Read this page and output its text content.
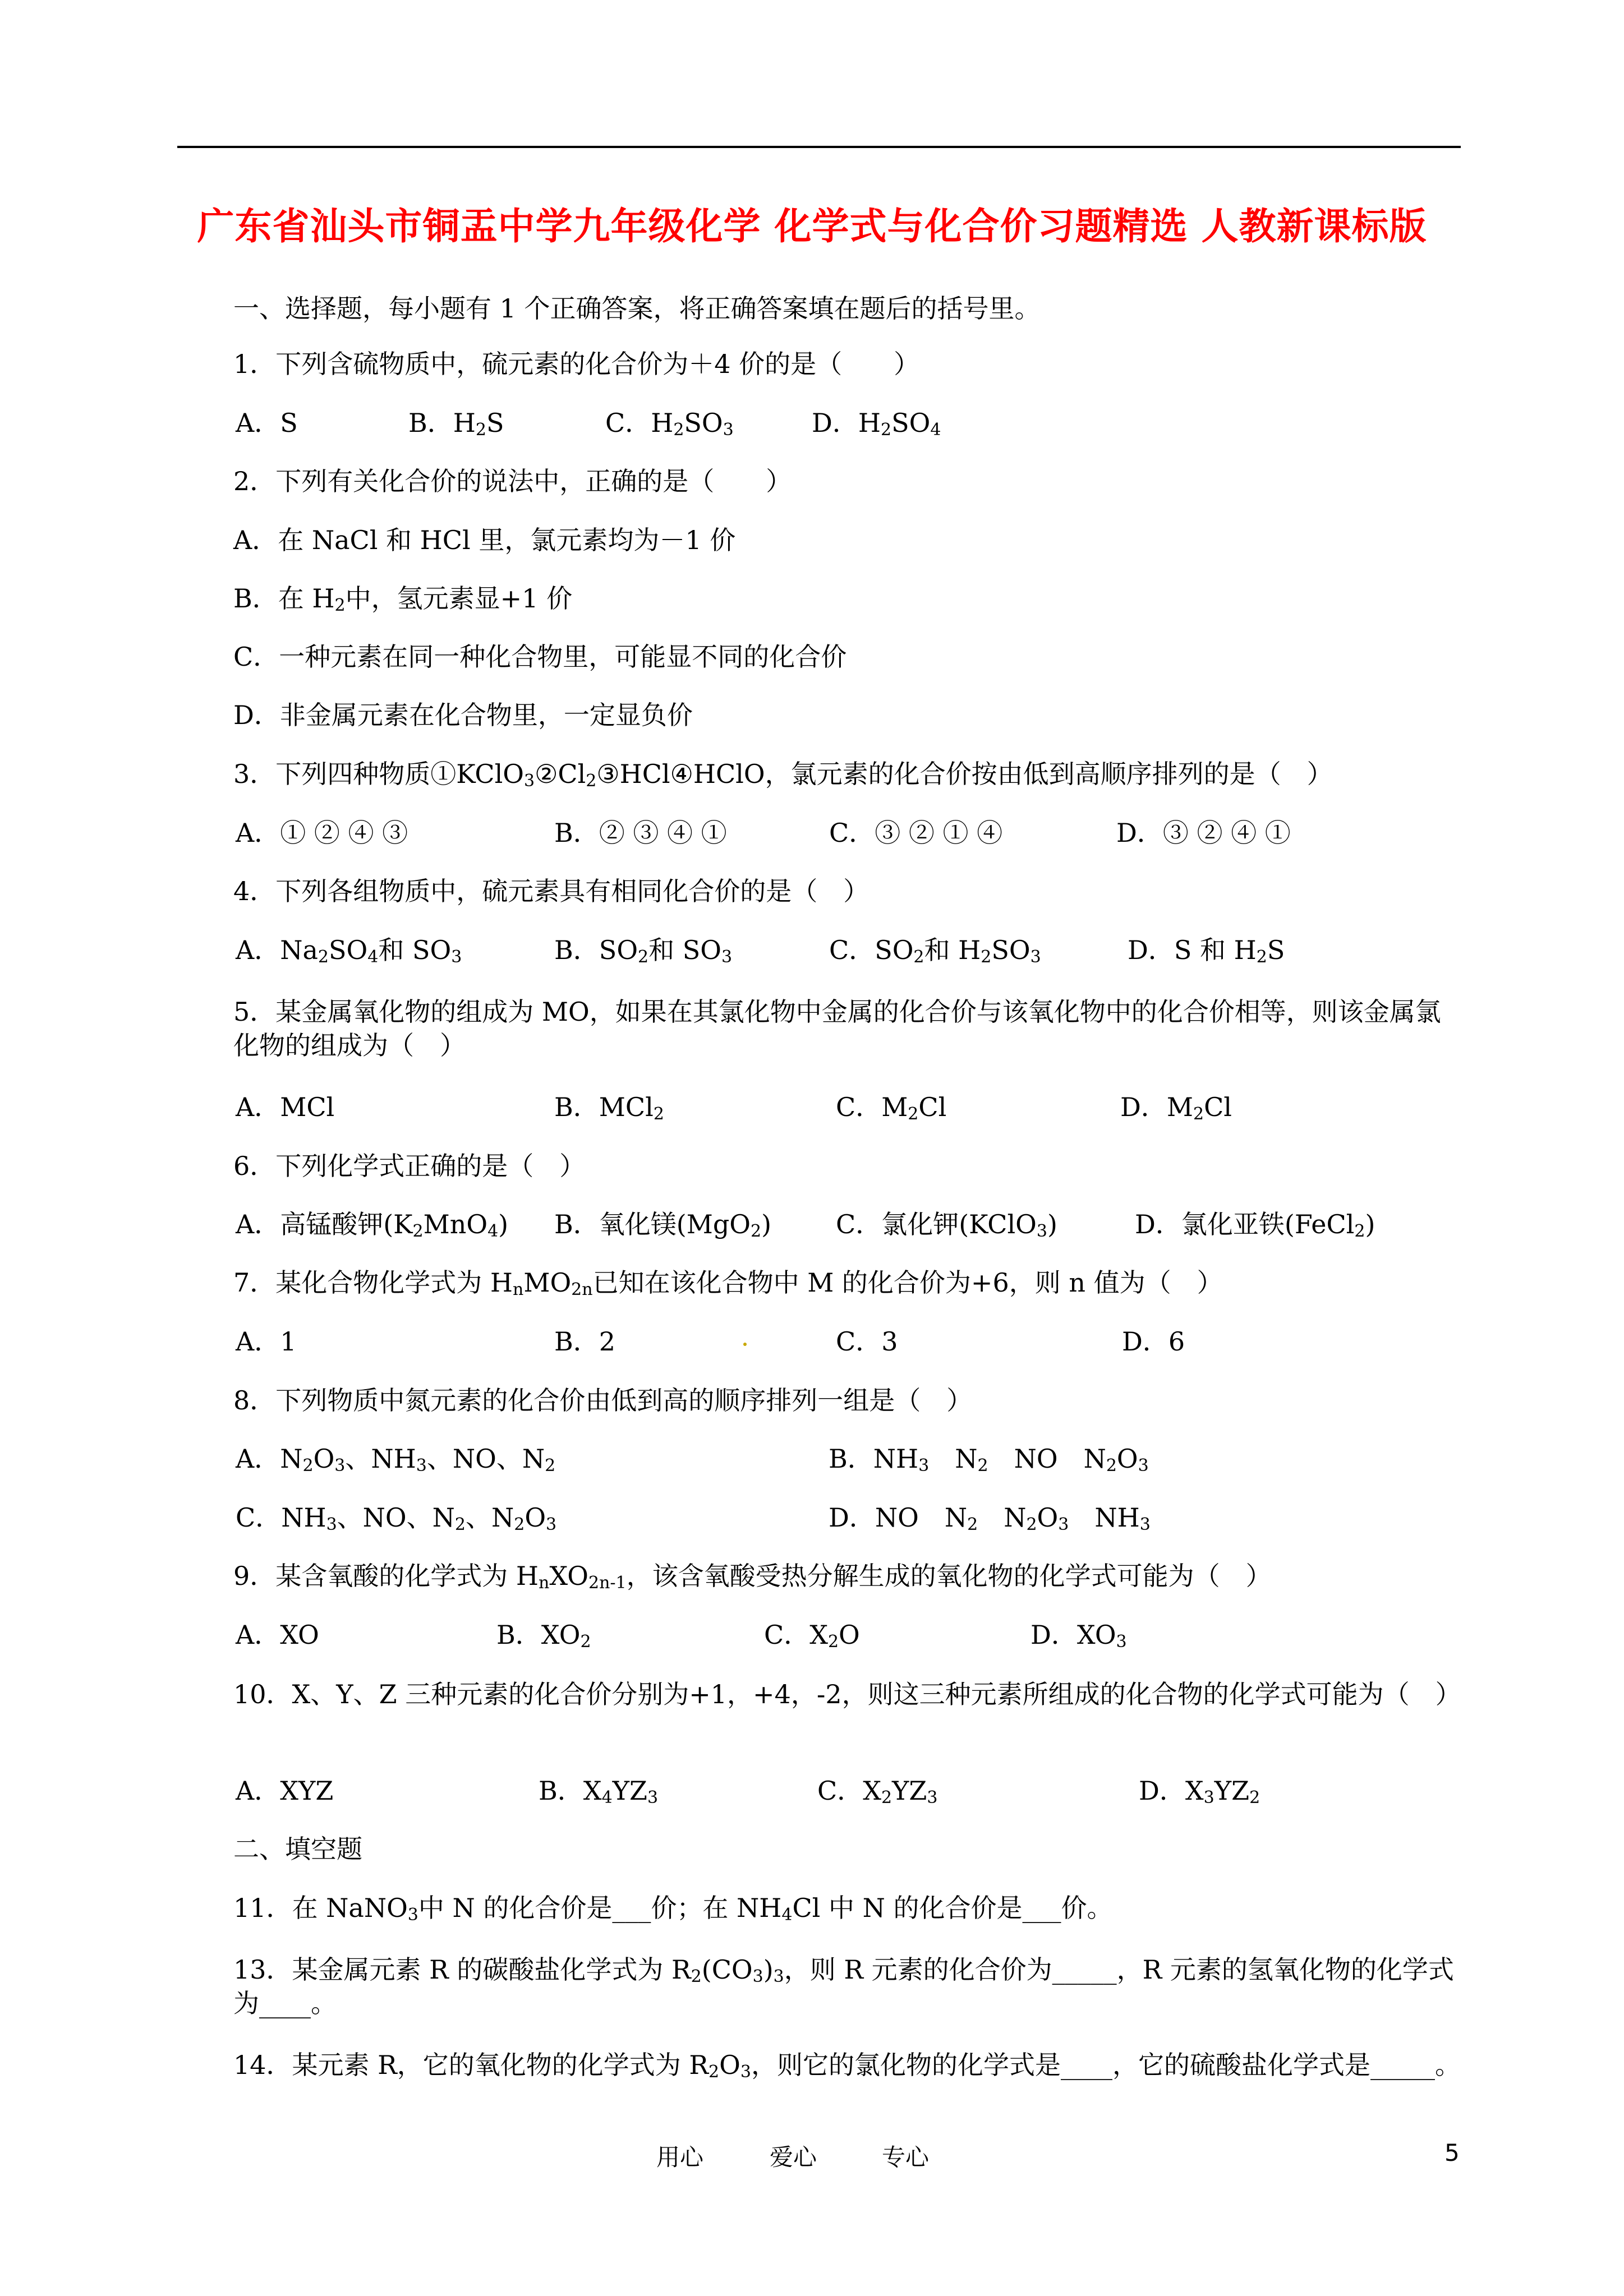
广东省汕头市铜盂中学九年级化学 化学式与化合价习题精选 人教新课标版
一、选择题，每小题有 1 个正确答案，将正确答案填在题后的括号里。
1．下列含硫物质中，硫元素的化合价为＋4 价的是（　　）
A．S	B．$H_2S$	C．$H_2SO_3$	D．$H_2SO_4$
2．下列有关化合价的说法中，正确的是（　　）
A．在 NaCl 和 HCl 里，氯元素均为－1 价
B．在 $H_2$中，氢元素显+1 价
C．一种元素在同一种化合物里，可能显不同的化合价
D．非金属元素在化合物里，一定显负价
3．下列四种物质$①KClO_3②Cl_2③HCl④HClO$，氯元素的化合价按由低到高顺序排列的是（　）
A．① ② ④ ③	B．② ③ ④ ①	C．③ ② ① ④	D．③ ② ④ ①
4．下列各组物质中，硫元素具有相同化合价的是（　）
A．$Na_2SO_4$和 $SO_3$	B．$SO_2$和 $SO_3$	C．$SO_2$和 $H_2SO_3$	D．S 和 $H_2S$
5．某金属氧化物的组成为 MO，如果在其氯化物中金属的化合价与该氧化物中的化合价相等，则该金属氯化物的组成为（　）
A．MCl	B．MCl$_2$	C．$M_2Cl$	D．$M_2Cl$
6．下列化学式正确的是（　）
A．高锰酸钾$(K_2MnO_4)$ B．氧化镁(MgO$_2$) C．氯化钾(KClO$_3$)	D．氯化亚铁(FeCl$_2$)
7．某化合物化学式为 $H_nMO_{2n}$已知在该化合物中 M 的化合价为+6，则 n 值为（　）
A．1	B．2	C．3	D．6
8．下列物质中氮元素的化合价由低到高的顺序排列一组是（　）
A．$N_2O_3$、$NH_3$、NO、$N_2$	B．$NH_3$　$N_2$　NO　$N_2O_3$
C．$NH_3$、NO、$N_2$、$N_2O_3$	D．NO　$N_2$　$N_2O_3$　$NH_3$
9．某含氧酸的化学式为 $H_nXO_{2n-1}$，该含氧酸受热分解生成的氧化物的化学式可能为（　）
A．XO	B．$XO_2$	C．$X_2O$	D．$XO_3$
10．X、Y、Z 三种元素的化合价分别为+1，+4，-2，则这三种元素所组成的化合物的化学式可能为（　）
A．XYZ	B．$X_4YZ_3$	C．$X_2YZ_3$	D．$X_3YZ_2$
二、填空题
11．在 NaNO$_3$中 N 的化合价是___价；在 $NH_4Cl$ 中 N 的化合价是___价。
13．某金属元素 R 的碳酸盐化学式为 $R_2(CO_3)_3$，则 R 元素的化合价为_____，R 元素的氢氧化物的化学式为____。
14．某元素 R，它的氧化物的化学式为 $R_2O_3$，则它的氯化物的化学式是____，它的硫酸盐化学式是_____。
用心	爱心	专心	5
